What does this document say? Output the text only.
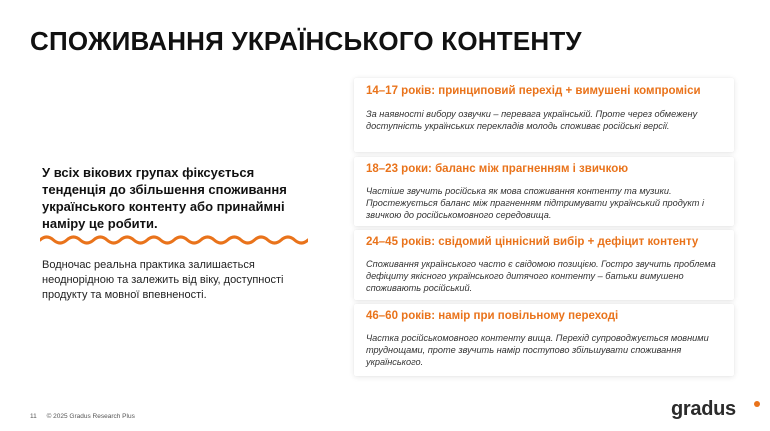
СПОЖИВАННЯ УКРАЇНСЬКОГО КОНТЕНТУ
У всіх вікових групах фіксується тенденція до збільшення споживання українського контенту або принаймні наміру це робити.
Водночас реальна практика залишається неоднорідною та залежить від віку, доступності продукту та мовної впевненості.
14–17 років: принциповий перехід + вимушені компроміси
За наявності вибору озвучки – перевага українській. Проте через обмежену доступність українських перекладів молодь споживає російські версії.
18–23 роки: баланс між прагненням і звичкою
Частіше звучить російська як мова споживання контенту та музики. Простежується баланс між прагненням підтримувати український продукт і звичкою до російськомовного середовища.
24–45 років: свідомий ціннісний вибір + дефіцит контенту
Споживання українського часто є свідомою позицією. Гостро звучить проблема дефіциту якісного українського дитячого контенту – батьки вимушено споживають російський.
46–60 років: намір при повільному переході
Частка російськомовного контенту вища. Перехід супроводжується мовними труднощами, проте звучить намір поступово збільшувати споживання українського.
11 © 2025 Gradus Research Plus	gradus
